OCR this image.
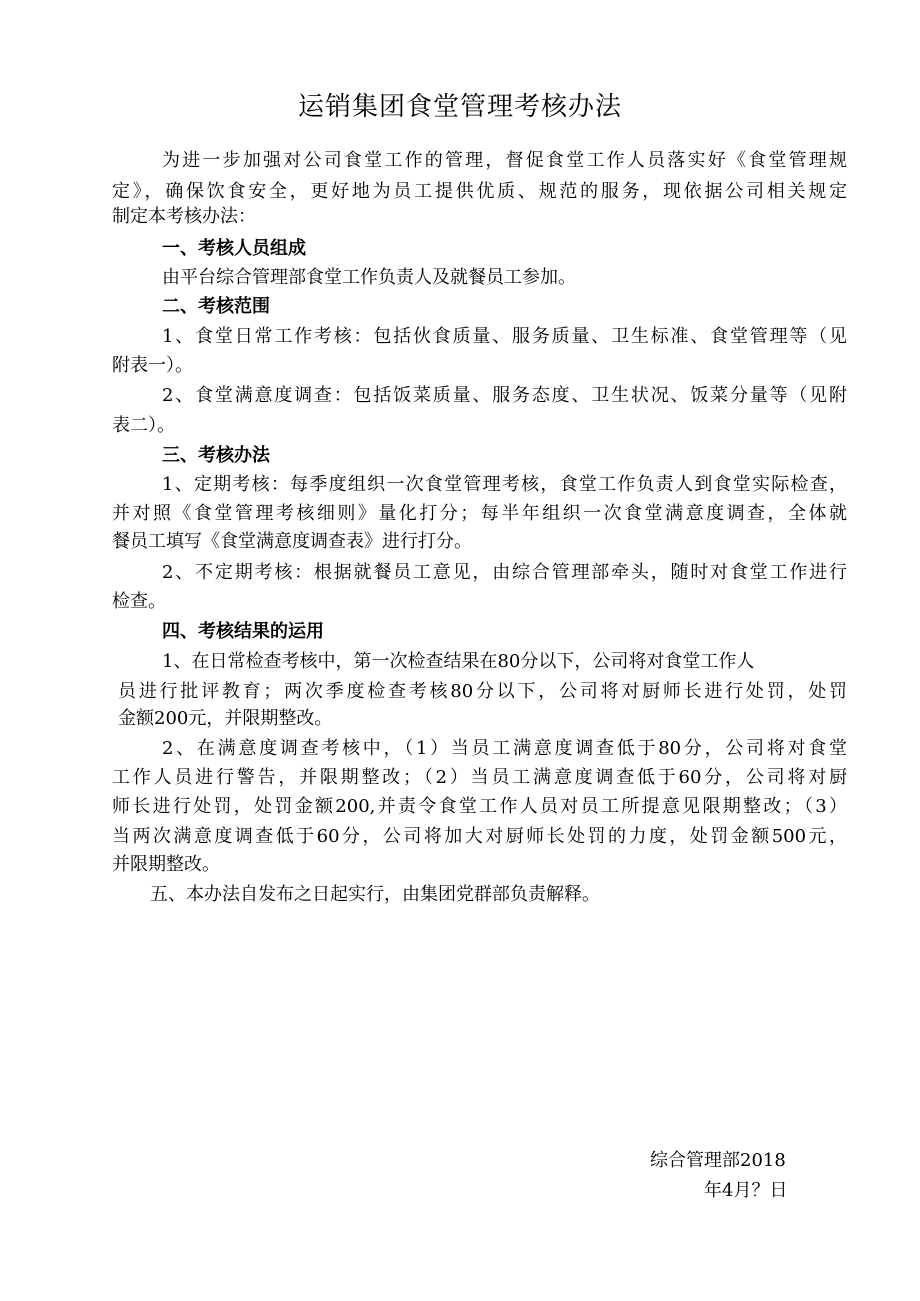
运销集团食堂管理考核办法
为进一步加强对公司食堂工作的管理，督促食堂工作人员落实好《食堂管理规
定》，确保饮食安全，更好地为员工提供优质、规范的服务，现依据公司相关规定
制定本考核办法：
一、考核人员组成
由平台综合管理部食堂工作负责人及就餐员工参加。
二、考核范围
1、食堂日常工作考核：包括伙食质量、服务质量、卫生标准、食堂管理等（见
附表一）。
2、食堂满意度调查：包括饭菜质量、服务态度、卫生状况、饭菜分量等（见附
表二）。
三、考核办法
1、定期考核：每季度组织一次食堂管理考核，食堂工作负责人到食堂实际检查，
并对照《食堂管理考核细则》量化打分；每半年组织一次食堂满意度调查，全体就
餐员工填写《食堂满意度调查表》进行打分。
2、不定期考核：根据就餐员工意见，由综合管理部牵头，随时对食堂工作进行
检查。
四、考核结果的运用
1、在日常检查考核中，第一次检查结果在80分以下，公司将对食堂工作人
员进行批评教育；两次季度检查考核80分以下，公司将对厨师长进行处罚，处罚
金额200元，并限期整改。
2、在满意度调查考核中，（1）当员工满意度调查低于80分，公司将对食堂
工作人员进行警告，并限期整改；（2）当员工满意度调查低于60分，公司将对厨
师长进行处罚，处罚金额200,并责令食堂工作人员对员工所提意见限期整改；（3）
当两次满意度调查低于60分，公司将加大对厨师长处罚的力度，处罚金额500元，
并限期整改。
五、本办法自发布之日起实行，由集团党群部负责解释。
综合管理部2018
年4月？日
